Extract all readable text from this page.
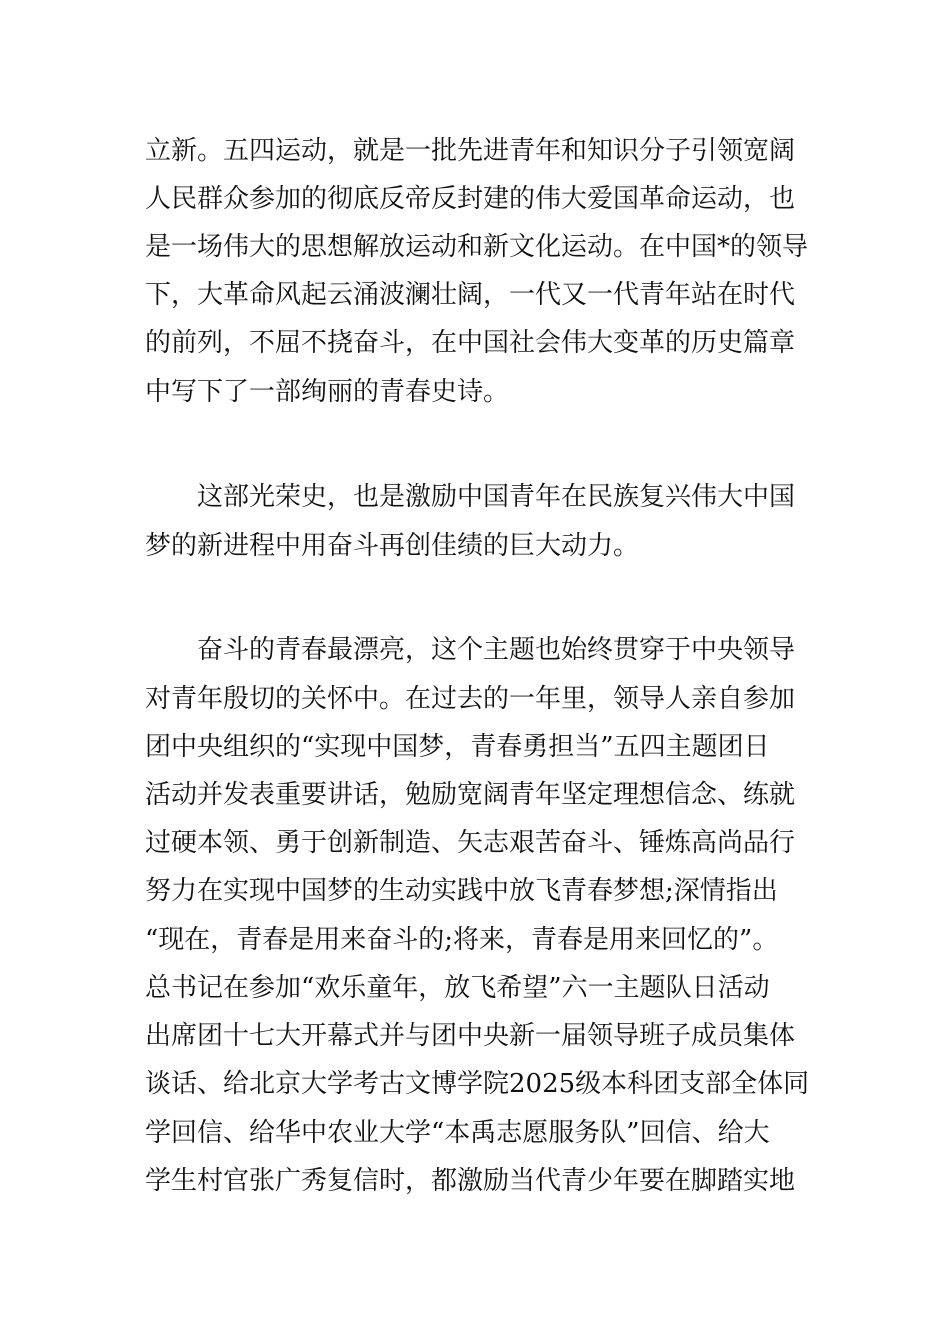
立新。五四运动，就是一批先进青年和知识分子引领宽阔
人民群众参加的彻底反帝反封建的伟大爱国革命运动，也
是一场伟大的思想解放运动和新文化运动。在中国*的领导
下，大革命风起云涌波澜壮阔，一代又一代青年站在时代
的前列，不屈不挠奋斗，在中国社会伟大变革的历史篇章
中写下了一部绚丽的青春史诗。
这部光荣史，也是激励中国青年在民族复兴伟大中国
梦的新进程中用奋斗再创佳绩的巨大动力。
奋斗的青春最漂亮，这个主题也始终贯穿于中央领导
对青年殷切的关怀中。在过去的一年里，领导人亲自参加
团中央组织的“实现中国梦，青春勇担当”五四主题团日
活动并发表重要讲话，勉励宽阔青年坚定理想信念、练就
过硬本领、勇于创新制造、矢志艰苦奋斗、锤炼高尚品行
努力在实现中国梦的生动实践中放飞青春梦想;深情指出
“现在，青春是用来奋斗的;将来，青春是用来回忆的”。
总书记在参加“欢乐童年，放飞希望”六一主题队日活动
出席团十七大开幕式并与团中央新一届领导班子成员集体
谈话、给北京大学考古文博学院2025级本科团支部全体同
学回信、给华中农业大学“本禹志愿服务队”回信、给大
学生村官张广秀复信时，都激励当代青少年要在脚踏实地
